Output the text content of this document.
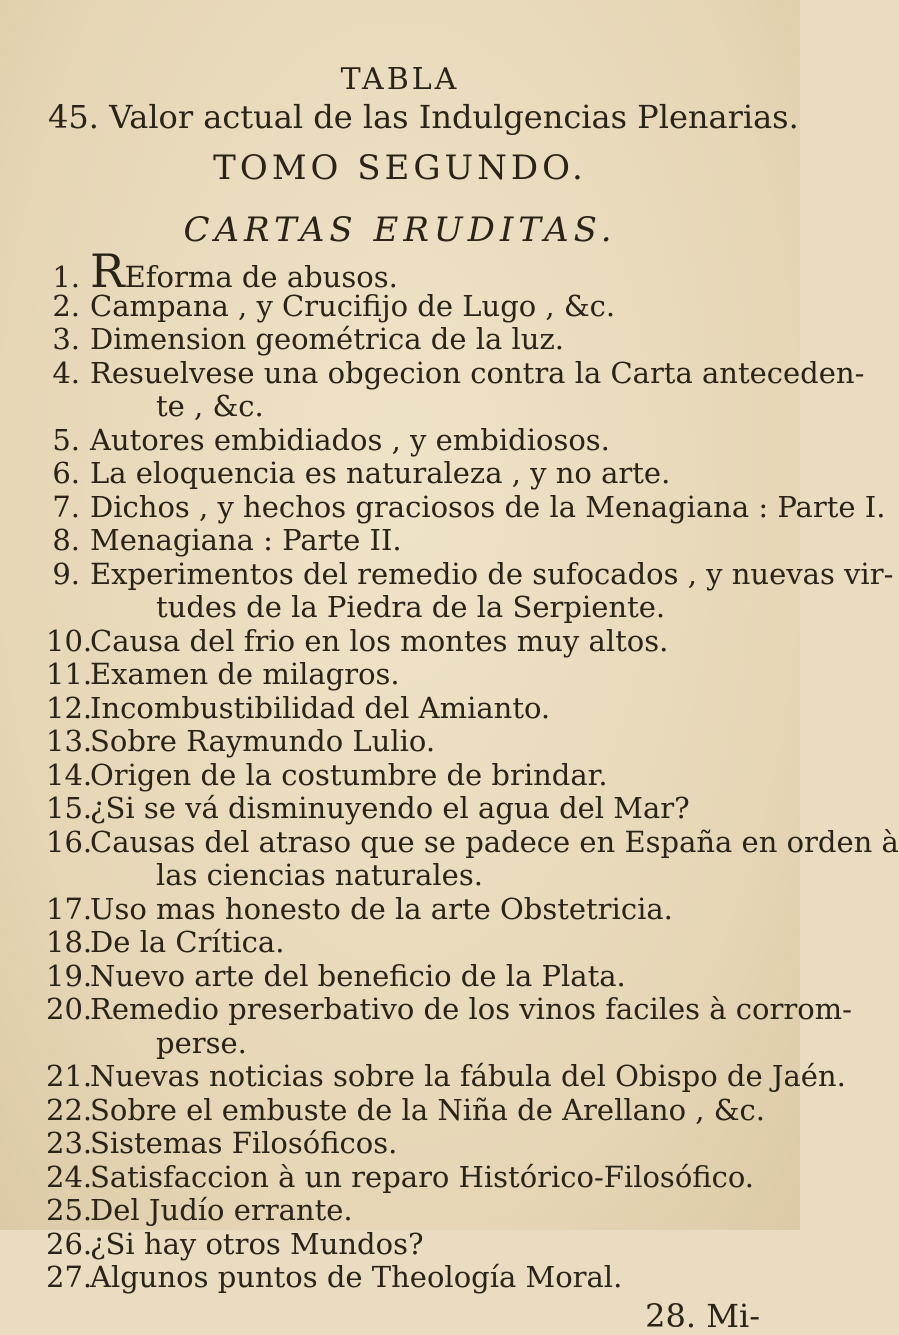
TABLA
45. Valor actual de las Indulgencias Plenarias.
TOMO SEGUNDO.
CARTAS ERUDITAS.
1. REforma de abusos.
2. Campana , y Crucifijo de Lugo , &c.
3. Dimension geométrica de la luz.
4. Resuelvese una obgecion contra la Carta anteceden-
te , &c.
5. Autores embidiados , y embidiosos.
6. La eloquencia es naturaleza , y no arte.
7. Dichos , y hechos graciosos de la Menagiana : Parte I.
8. Menagiana : Parte II.
9. Experimentos del remedio de sufocados , y nuevas vir-
tudes de la Piedra de la Serpiente.
10.Causa del frio en los montes muy altos.
11.Examen de milagros.
12.Incombustibilidad del Amianto.
13.Sobre Raymundo Lulio.
14.Origen de la costumbre de brindar.
15.¿Si se vá disminuyendo el agua del Mar?
16.Causas del atraso que se padece en España en orden à
las ciencias naturales.
17.Uso mas honesto de la arte Obstetricia.
18.De la Crítica.
19.Nuevo arte del beneficio de la Plata.
20.Remedio preserbativo de los vinos faciles à corrom-
perse.
21.Nuevas noticias sobre la fábula del Obispo de Jaén.
22.Sobre el embuste de la Niña de Arellano , &c.
23.Sistemas Filosóficos.
24.Satisfaccion à un reparo Histórico-Filosófico.
25.Del Judío errante.
26.¿Si hay otros Mundos?
27.Algunos puntos de Theología Moral.
28. Mi-
